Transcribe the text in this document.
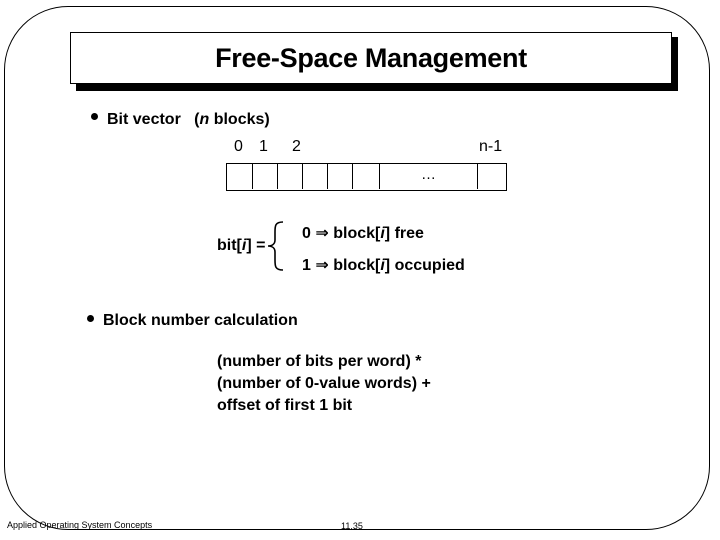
Free-Space Management
Bit vector (n blocks)
0 1 2	n-1
…
bit[i] =
0 ⇒ block[i] free
1 ⇒ block[i] occupied
Block number calculation
(number of bits per word) *
(number of 0-value words) +
offset of first 1 bit
Applied Operating System Concepts	11.35
